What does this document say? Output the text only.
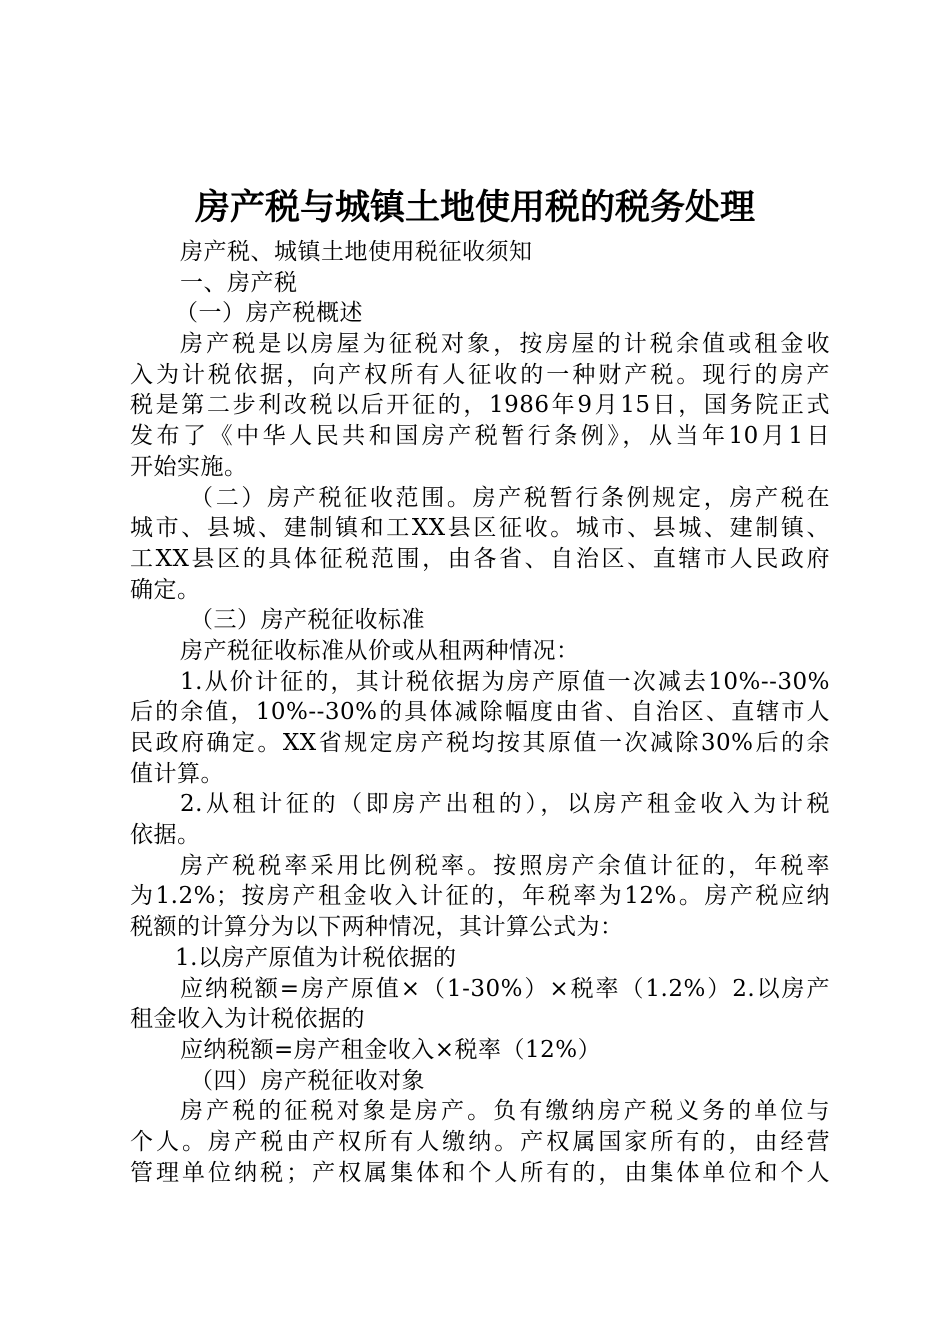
房产税与城镇土地使用税的税务处理

房产税、城镇土地使用税征收须知

一、房产税

（一）房产税概述

房产税是以房屋为征税对象，按房屋的计税余值或租金收

入为计税依据，向产权所有人征收的一种财产税。现行的房产

税是第二步利改税以后开征的，1986年9月15日，国务院正式

发布了《中华人民共和国房产税暂行条例》，从当年10月1日

开始实施。

（二）房产税征收范围。房产税暂行条例规定，房产税在

城市、县城、建制镇和工XX县区征收。城市、县城、建制镇、

工XX县区的具体征税范围，由各省、自治区、直辖市人民政府

确定。

（三）房产税征收标准

房产税征收标准从价或从租两种情况：

1.从价计征的，其计税依据为房产原值一次减去10%--30%

后的余值，10%--30%的具体减除幅度由省、自治区、直辖市人

民政府确定。XX省规定房产税均按其原值一次减除30%后的余

值计算。

2.从租计征的（即房产出租的），以房产租金收入为计税

依据。

房产税税率采用比例税率。按照房产余值计征的，年税率

为1.2%；按房产租金收入计征的，年税率为12%。房产税应纳

税额的计算分为以下两种情况，其计算公式为：

1.以房产原值为计税依据的

应纳税额=房产原值×（1-30%）×税率（1.2%）2.以房产

租金收入为计税依据的

应纳税额=房产租金收入×税率（12%）

（四）房产税征收对象

房产税的征税对象是房产。负有缴纳房产税义务的单位与

个人。房产税由产权所有人缴纳。产权属国家所有的，由经营

管理单位纳税；产权属集体和个人所有的，由集体单位和个人
